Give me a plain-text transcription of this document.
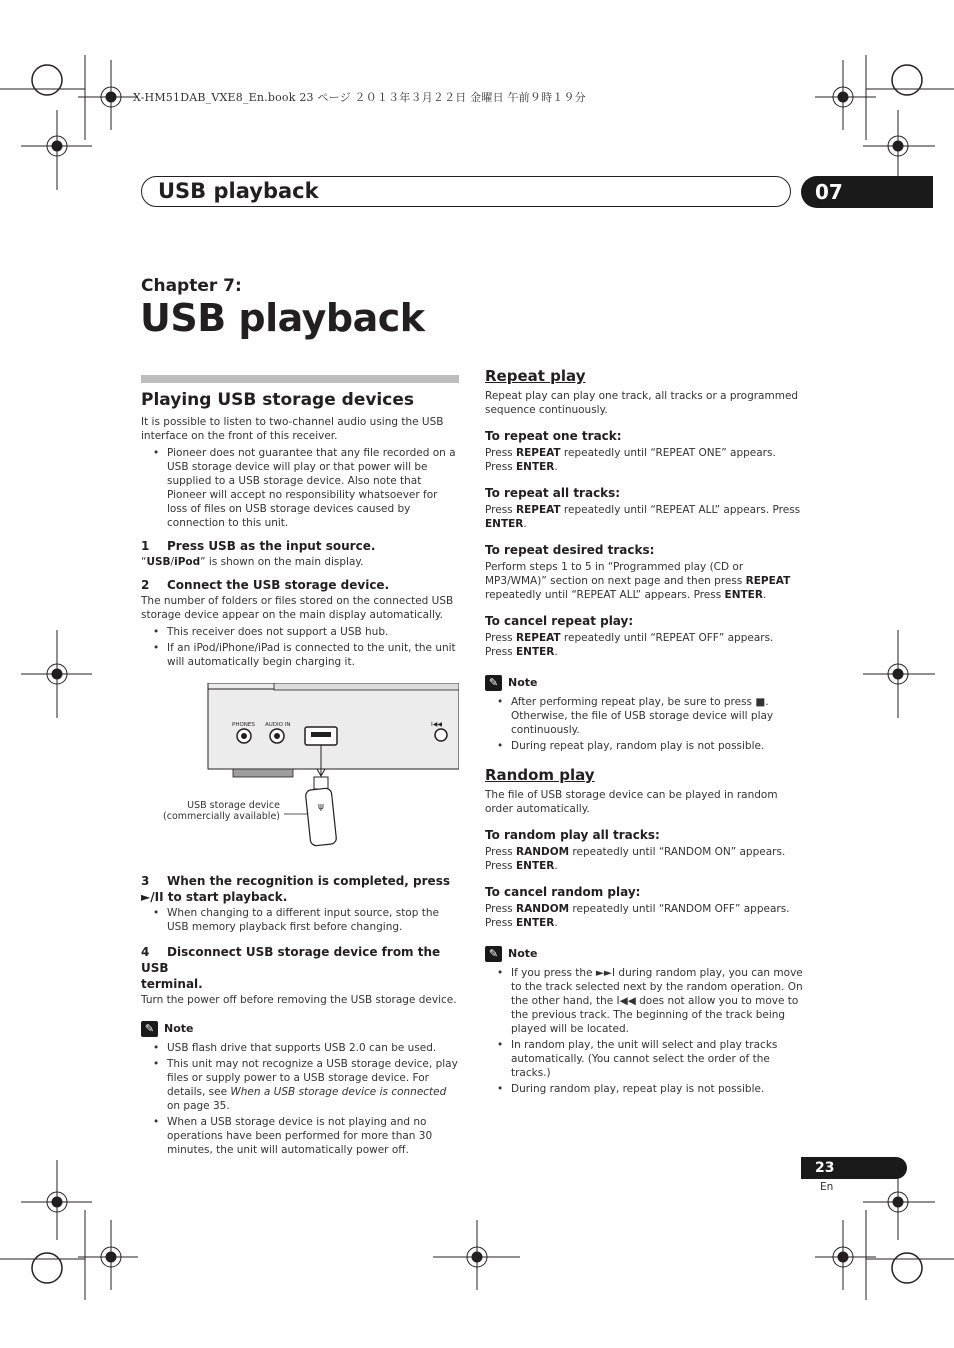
X-HM51DAB_VXE8_En.book 23 ページ ２０１３年３月２２日 金曜日 午前９時１９分
USB playback	07
Chapter 7:
USB playback
Playing USB storage devices

It is possible to listen to two-channel audio using the USB interface on the front of this receiver.

• Pioneer does not guarantee that any file recorded on a USB storage device will play or that power will be supplied to a USB storage device. Also note that Pioneer will accept no responsibility whatsoever for loss of files on USB storage devices caused by connection to this unit.
1 Press USB as the input source.

“USB/iPod” is shown on the main display.

2 Connect the USB storage device.

The number of folders or files stored on the connected USB storage device appear on the main display automatically.

• This receiver does not support a USB hub.
• If an iPod/iPhone/iPad is connected to the unit, the unit will automatically begin charging it.
ψ
PHONES AUDIO IN	I◀◀
USB storage device
(commercially available)
3 When the recognition is completed, press
►/II to start playback.
• When changing to a different input source, stop the USB memory playback first before changing.
4 Disconnect USB storage device from the USB
terminal.

Turn the power off before removing the USB storage device.

✎ Note
• USB flash drive that supports USB 2.0 can be used.
• This unit may not recognize a USB storage device, play files or supply power to a USB storage device. For details, see When a USB storage device is connected on page 35.
• When a USB storage device is not playing and no operations have been performed for more than 30 minutes, the unit will automatically power off.
Repeat play

Repeat play can play one track, all tracks or a programmed sequence continuously.

To repeat one track:

Press REPEAT repeatedly until “REPEAT ONE” appears. Press ENTER.

To repeat all tracks:

Press REPEAT repeatedly until “REPEAT ALL” appears. Press ENTER.

To repeat desired tracks:

Perform steps 1 to 5 in “Programmed play (CD or MP3/WMA)” section on next page and then press REPEAT repeatedly until “REPEAT ALL” appears. Press ENTER.

To cancel repeat play:

Press REPEAT repeatedly until “REPEAT OFF” appears. Press ENTER.

✎ Note
• After performing repeat play, be sure to press ■. Otherwise, the file of USB storage device will play continuously.
• During repeat play, random play is not possible.
Random play

The file of USB storage device can be played in random order automatically.

To random play all tracks:

Press RANDOM repeatedly until “RANDOM ON” appears. Press ENTER.

To cancel random play:

Press RANDOM repeatedly until “RANDOM OFF” appears. Press ENTER.

✎ Note
• If you press the ►►I during random play, you can move to the track selected next by the random operation. On the other hand, the I◀◀ does not allow you to move to the previous track. The beginning of the track being played will be located.
• In random play, the unit will select and play tracks automatically. (You cannot select the order of the tracks.)
• During random play, repeat play is not possible.
23
En
